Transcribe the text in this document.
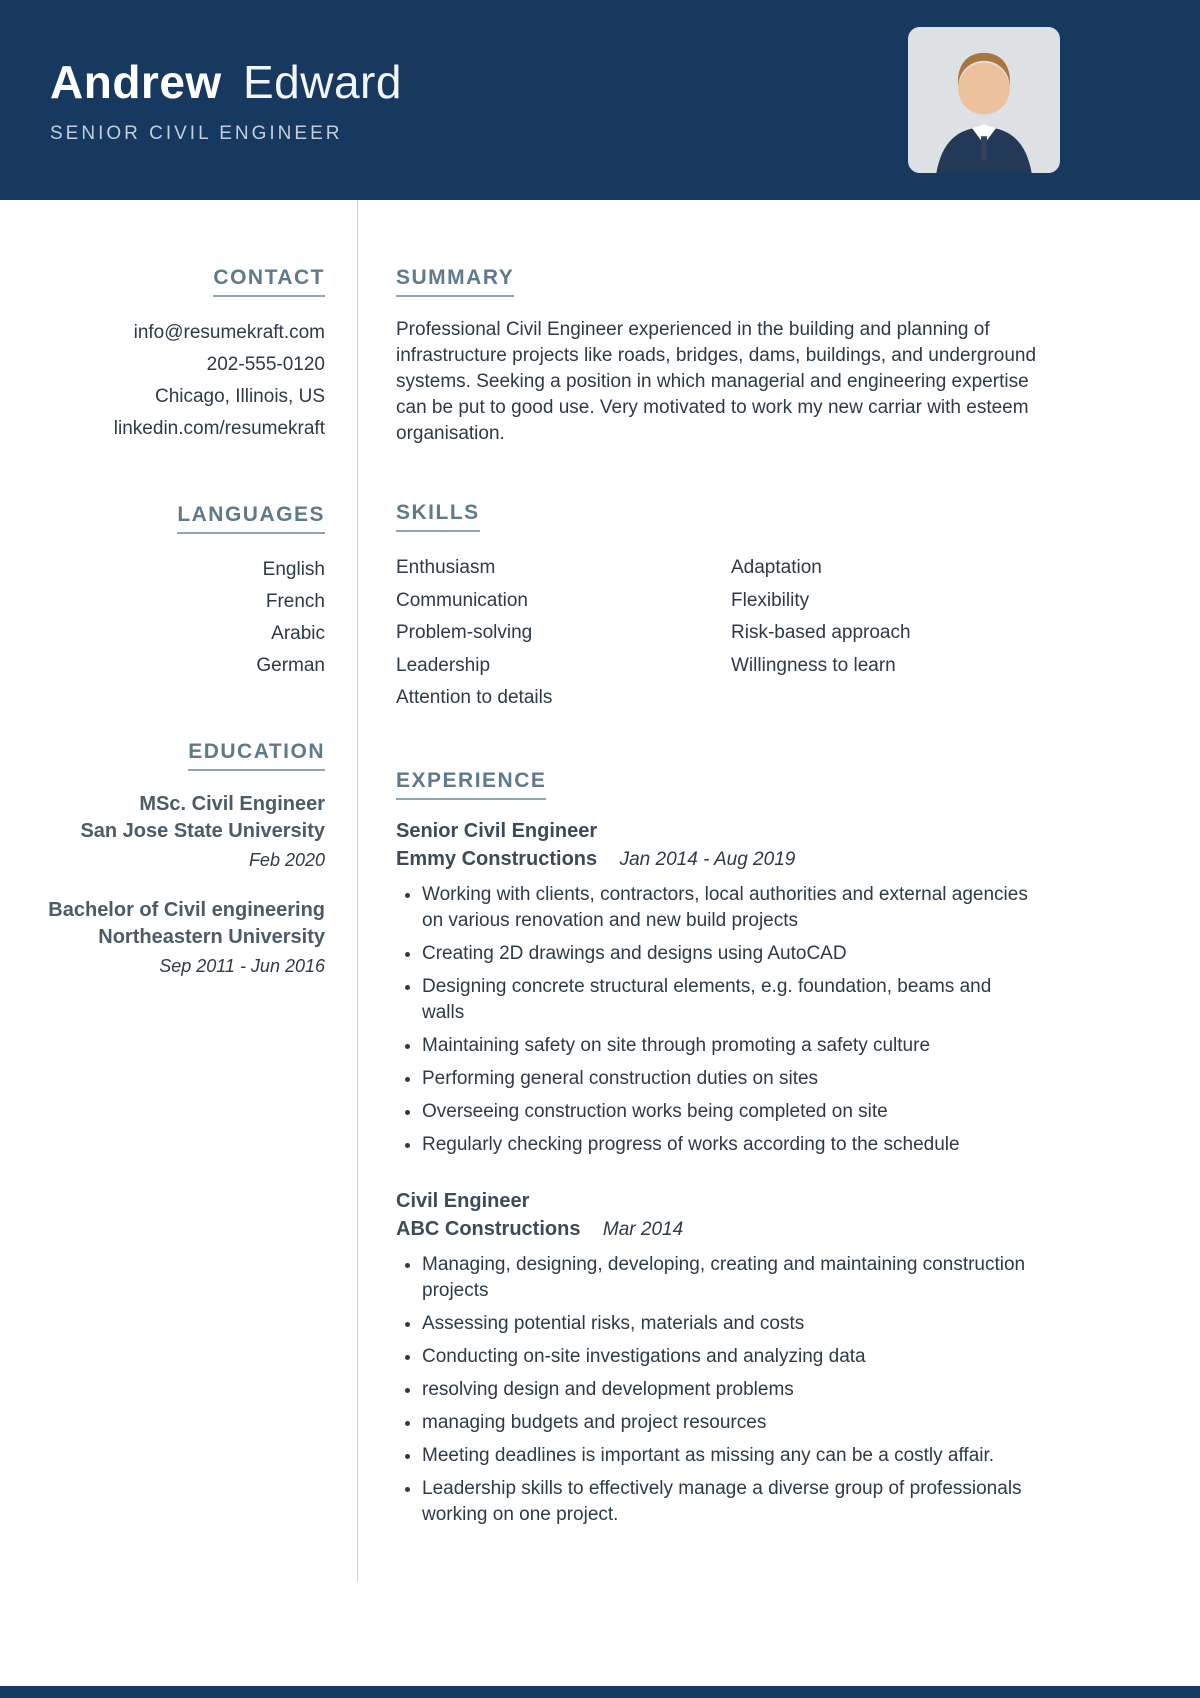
Andrew Edward
SENIOR CIVIL ENGINEER
CONTACT
info@resumekraft.com
202-555-0120
Chicago, Illinois, US
linkedin.com/resumekraft
LANGUAGES
English
French
Arabic
German
EDUCATION
MSc. Civil Engineer
San Jose State University
Feb 2020
Bachelor of Civil engineering
Northeastern University
Sep 2011 - Jun 2016
SUMMARY

Professional Civil Engineer experienced in the building and planning of infrastructure projects like roads, bridges, dams, buildings, and underground systems. Seeking a position in which managerial and engineering expertise can be put to good use. Very motivated to work my new carriar with esteem organisation.

SKILLS
Enthusiasm
Communication
Problem-solving
Leadership
Attention to details
Adaptation
Flexibility
Risk-based approach
Willingness to learn
EXPERIENCE
Senior Civil Engineer
Emmy Constructions Jan 2014 - Aug 2019
• Working with clients, contractors, local authorities and external agencies on various renovation and new build projects
• Creating 2D drawings and designs using AutoCAD
• Designing concrete structural elements, e.g. foundation, beams and walls
• Maintaining safety on site through promoting a safety culture
• Performing general construction duties on sites
• Overseeing construction works being completed on site
• Regularly checking progress of works according to the schedule
Civil Engineer
ABC Constructions Mar 2014
• Managing, designing, developing, creating and maintaining construction projects
• Assessing potential risks, materials and costs
• Conducting on-site investigations and analyzing data
• resolving design and development problems
• managing budgets and project resources
• Meeting deadlines is important as missing any can be a costly affair.
• Leadership skills to effectively manage a diverse group of professionals working on one project.
